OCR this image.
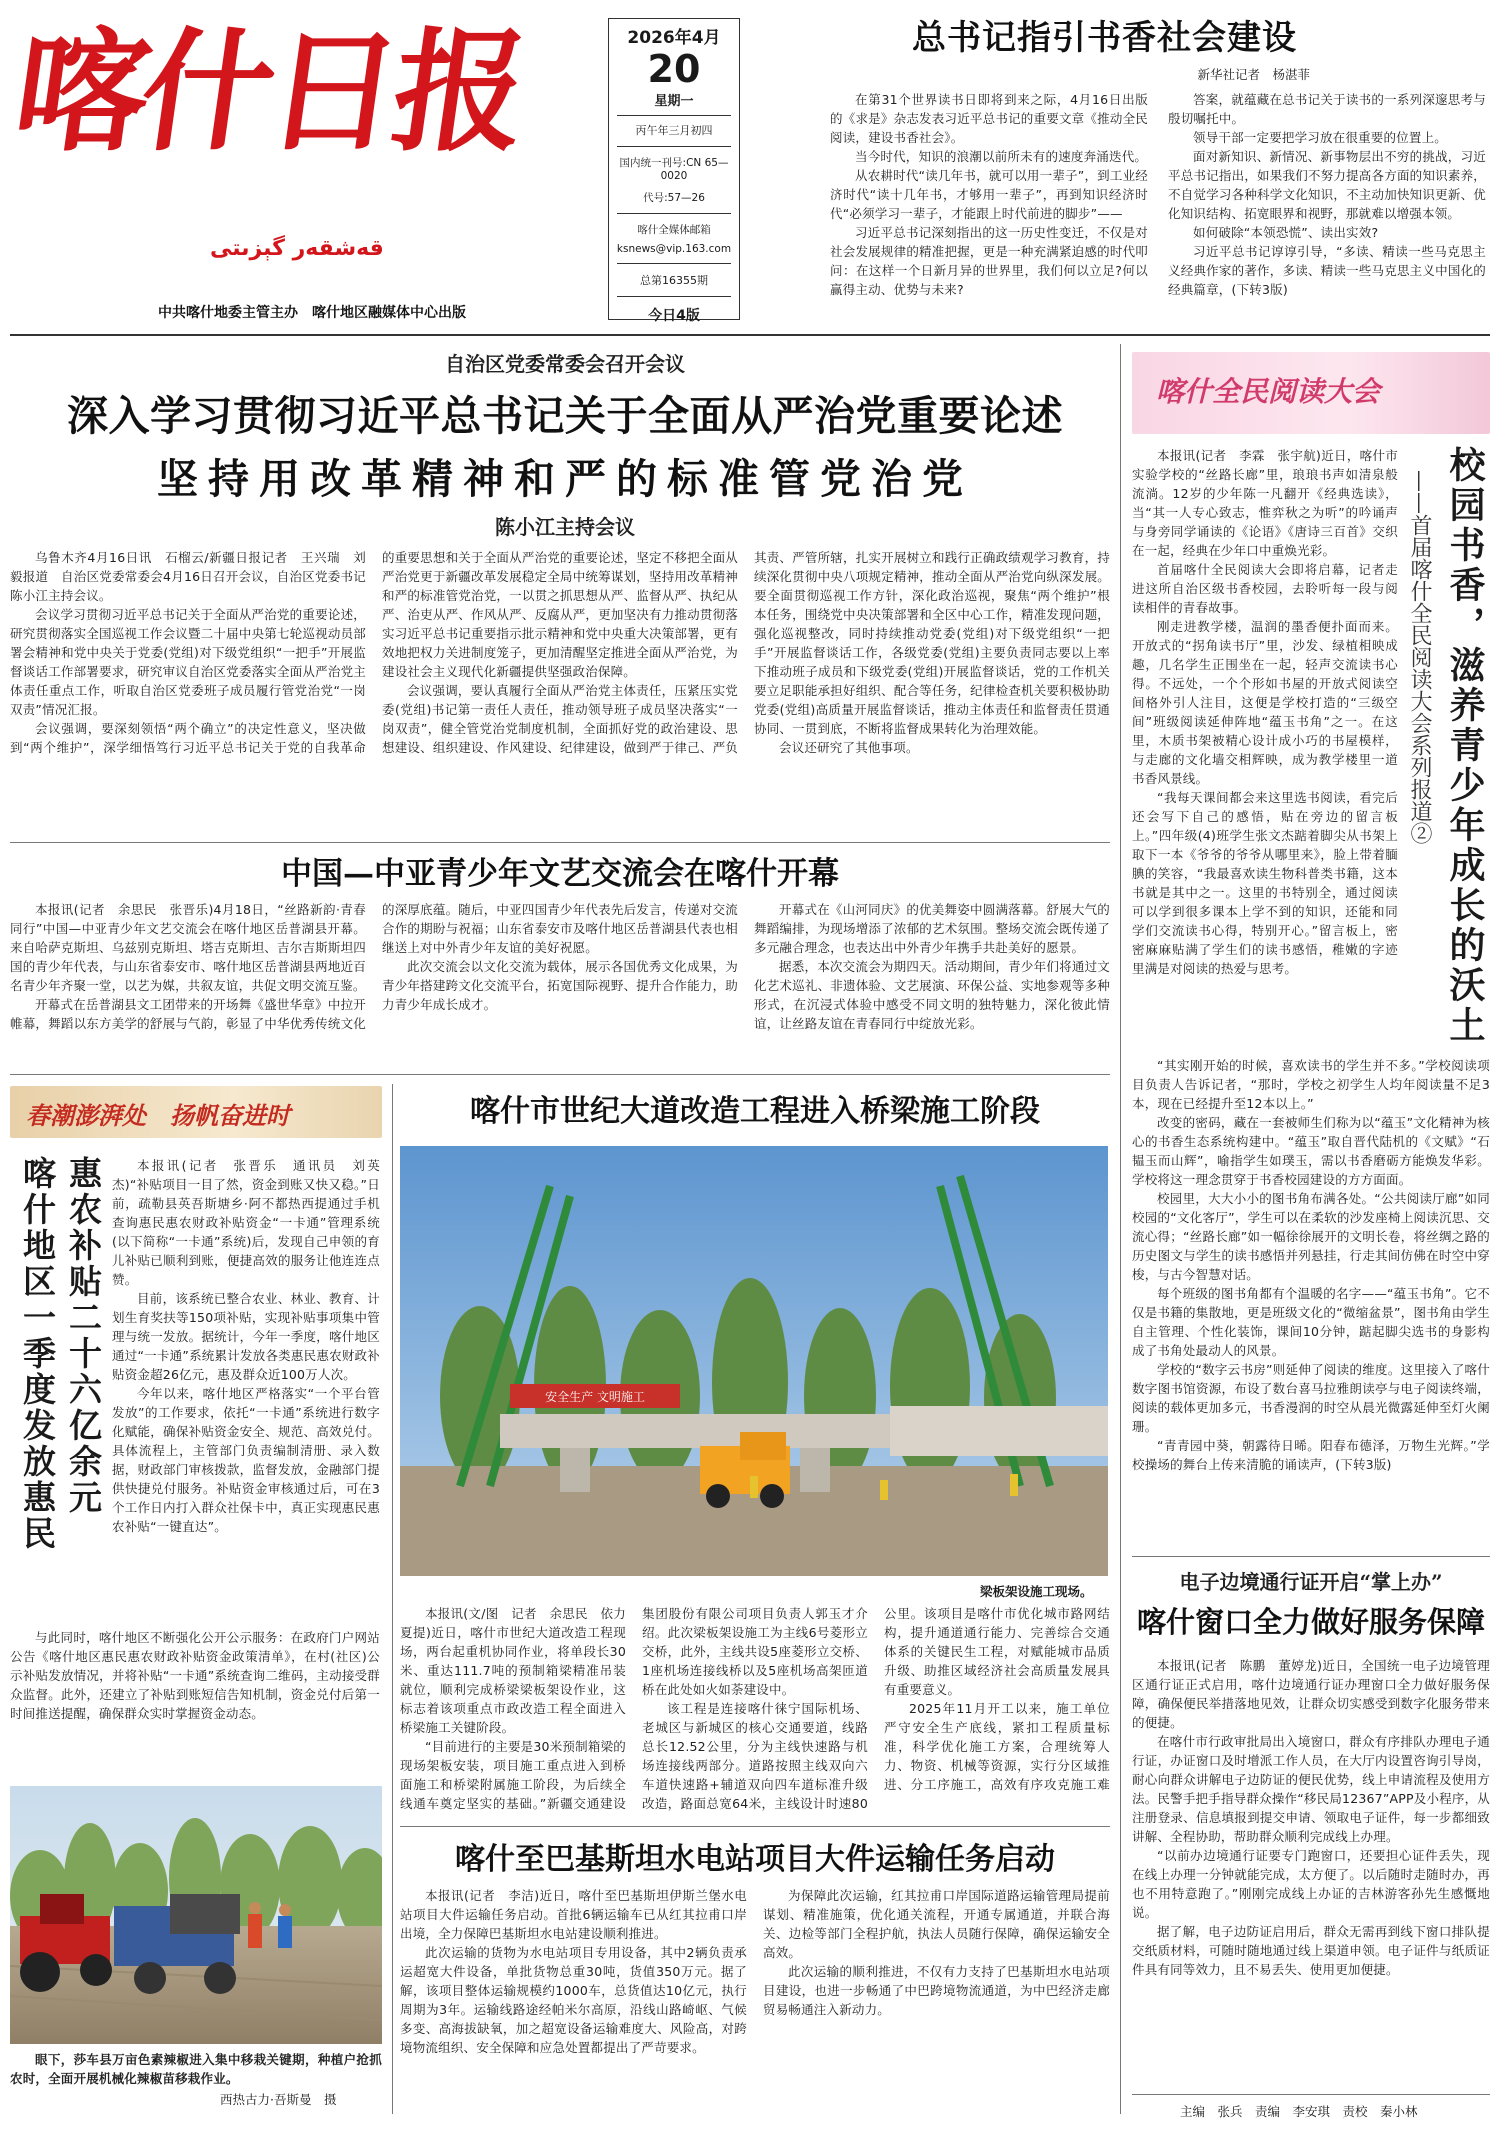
喀什日报
قەشقەر گېزىتى
中共喀什地委主管主办　喀什地区融媒体中心出版
2026年4月
20
星期一
丙午年三月初四
国内统一刊号:CN 65—0020
代号:57—26
喀什全媒体邮箱
ksnews@vip.163.com
总第16355期
今日4版
总书记指引书香社会建设
新华社记者　杨湛菲

在第31个世界读书日即将到来之际，4月16日出版的《求是》杂志发表习近平总书记的重要文章《推动全民阅读，建设书香社会》。

当今时代，知识的浪潮以前所未有的速度奔涌迭代。

从农耕时代“读几年书，就可以用一辈子”，到工业经济时代“读十几年书，才够用一辈子”，再到知识经济时代“必须学习一辈子，才能跟上时代前进的脚步”——

习近平总书记深刻指出的这一历史性变迁，不仅是对社会发展规律的精准把握，更是一种充满紧迫感的时代叩问：在这样一个日新月异的世界里，我们何以立足?何以赢得主动、优势与未来?

答案，就蕴藏在总书记关于读书的一系列深邃思考与殷切嘱托中。

领导干部一定要把学习放在很重要的位置上。

面对新知识、新情况、新事物层出不穷的挑战，习近平总书记指出，如果我们不努力提高各方面的知识素养，不自觉学习各种科学文化知识，不主动加快知识更新、优化知识结构、拓宽眼界和视野，那就难以增强本领。

如何破除“本领恐慌”、读出实效?

习近平总书记谆谆引导，“多读、精读一些马克思主义经典作家的著作，多读、精读一些马克思主义中国化的经典篇章，(下转3版)

自治区党委常委会召开会议
深入学习贯彻习近平总书记关于全面从严治党重要论述
坚持用改革精神和严的标准管党治党
陈小江主持会议

乌鲁木齐4月16日讯　石榴云/新疆日报记者　王兴瑞　刘毅报道　自治区党委常委会4月16日召开会议，自治区党委书记陈小江主持会议。

会议学习贯彻习近平总书记关于全面从严治党的重要论述，研究贯彻落实全国巡视工作会议暨二十届中央第七轮巡视动员部署会精神和党中央关于党委(党组)对下级党组织“一把手”开展监督谈话工作部署要求，研究审议自治区党委落实全面从严治党主体责任重点工作，听取自治区党委班子成员履行管党治党“一岗双责”情况汇报。

会议强调，要深刻领悟“两个确立”的决定性意义，坚决做到“两个维护”，深学细悟笃行习近平总书记关于党的自我革命的重要思想和关于全面从严治党的重要论述，坚定不移把全面从严治党更于新疆改革发展稳定全局中统筹谋划，坚持用改革精神和严的标准管党治党，一以贯之抓思想从严、监督从严、执纪从严、治吏从严、作风从严、反腐从严，更加坚决有力推动贯彻落实习近平总书记重要指示批示精神和党中央重大决策部署，更有效地把权力关进制度笼子，更加清醒坚定推进全面从严治党，为建设社会主义现代化新疆提供坚强政治保障。

会议强调，要认真履行全面从严治党主体责任，压紧压实党委(党组)书记第一责任人责任，推动领导班子成员坚决落实“一岗双责”，健全管党治党制度机制，全面抓好党的政治建设、思想建设、组织建设、作风建设、纪律建设，做到严于律己、严负其责、严管所辖，扎实开展树立和践行正确政绩观学习教育，持续深化贯彻中央八项规定精神，推动全面从严治党向纵深发展。要全面贯彻巡视工作方针，深化政治巡视，聚焦“两个维护”根本任务，围绕党中央决策部署和全区中心工作，精准发现问题，强化巡视整改，同时持续推动党委(党组)对下级党组织“一把手”开展监督谈话工作，各级党委(党组)主要负责同志要以上率下推动班子成员和下级党委(党组)开展监督谈话，党的工作机关要立足职能承担好组织、配合等任务，纪律检查机关要积极协助党委(党组)高质量开展监督谈话，推动主体责任和监督责任贯通协同、一贯到底，不断将监督成果转化为治理效能。

会议还研究了其他事项。

中国—中亚青少年文艺交流会在喀什开幕

本报讯(记者　余思民　张晋乐)4月18日，“丝路新韵·青春同行”中国—中亚青少年文艺交流会在喀什地区岳普湖县开幕。来自哈萨克斯坦、乌兹别克斯坦、塔吉克斯坦、吉尔吉斯斯坦四国的青少年代表，与山东省泰安市、喀什地区岳普湖县两地近百名青少年齐聚一堂，以艺为媒，共叙友谊，共促文明交流互鉴。

开幕式在岳普湖县文工团带来的开场舞《盛世华章》中拉开帷幕，舞蹈以东方美学的舒展与气韵，彰显了中华优秀传统文化的深厚底蕴。随后，中亚四国青少年代表先后发言，传递对交流合作的期盼与祝福；山东省泰安市及喀什地区岳普湖县代表也相继送上对中外青少年友谊的美好祝愿。

此次交流会以文化交流为载体，展示各国优秀文化成果，为青少年搭建跨文化交流平台，拓宽国际视野、提升合作能力，助力青少年成长成才。

开幕式在《山河同庆》的优美舞姿中圆满落幕。舒展大气的舞蹈编排，为现场增添了浓郁的艺术氛围。整场交流会既传递了多元融合理念，也表达出中外青少年携手共赴美好的愿景。

据悉，本次交流会为期四天。活动期间，青少年们将通过文化艺术巡礼、非遗体验、文艺展演、环保公益、实地参观等多种形式，在沉浸式体验中感受不同文明的独特魅力，深化彼此情谊，让丝路友谊在青春同行中绽放光彩。

春潮澎湃处　扬帆奋进时
惠农补贴二十六亿余元
喀什地区一季度发放惠民	本报讯(记者　张晋乐　通讯员　刘英杰)“补贴项目一目了然，资金到账又快又稳。”日前，疏勒县英吾斯塘乡·阿不都热西提通过手机查询惠民惠农财政补贴资金“一卡通”管理系统(以下简称“一卡通”系统)后，发现自己申领的育儿补贴已顺利到账，便捷高效的服务让他连连点赞。

目前，该系统已整合农业、林业、教育、计划生育奖扶等150项补贴，实现补贴事项集中管理与统一发放。据统计，今年一季度，喀什地区通过“一卡通”系统累计发放各类惠民惠农财政补贴资金超26亿元，惠及群众近100万人次。

今年以来，喀什地区严格落实“一个平台管发放”的工作要求，依托“一卡通”系统进行数字化赋能，确保补贴资金安全、规范、高效兑付。具体流程上，主管部门负责编制清册、录入数据，财政部门审核拨款，监督发放，金融部门提供快捷兑付服务。补贴资金审核通过后，可在3个工作日内打入群众社保卡中，真正实现惠民惠农补贴“一键直达”。

与此同时，喀什地区不断强化公开公示服务：在政府门户网站公告《喀什地区惠民惠农财政补贴资金政策清单》，在村(社区)公示补贴发放情况，并将补贴“一卡通”系统查询二维码，主动接受群众监督。此外，还建立了补贴到账短信告知机制，资金兑付后第一时间推送提醒，确保群众实时掌握资金动态。

眼下，莎车县万亩色素辣椒进入集中移栽关键期，种植户抢抓农时，全面开展机械化辣椒苗移栽作业。
西热古力·吾斯曼　摄
喀什市世纪大道改造工程进入桥梁施工阶段
安全生产 文明施工
梁板架设施工现场。

本报讯(文/图　记者　余思民　依力夏提)近日，喀什市世纪大道改造工程现场，两台起重机协同作业，将单段长30米、重达111.7吨的预制箱梁精准吊装就位，顺利完成桥梁梁板架设作业，这标志着该项重点市政改造工程全面进入桥梁施工关键阶段。

“目前进行的主要是30米预制箱梁的现场架板安装，项目施工重点进入到桥面施工和桥梁附属施工阶段，为后续全线通车奠定坚实的基础。”新疆交通建设集团股份有限公司项目负责人郭玉才介绍。此次梁板架设施工为主线6号菱形立交桥，此外，主线共设5座菱形立交桥、1座机场连接线桥以及5座机场高架匝道桥在此处如火如荼建设中。

该工程是连接喀什徕宁国际机场、老城区与新城区的核心交通要道，线路总长12.52公里，分为主线快速路与机场连接线两部分。道路按照主线双向六车道快速路+辅道双向四车道标准升级改造，路面总宽64米，主线设计时速80公里。该项目是喀什市优化城市路网结构，提升通道通行能力、完善综合交通体系的关键民生工程，对赋能城市品质升级、助推区域经济社会高质量发展具有重要意义。

2025年11月开工以来，施工单位严守安全生产底线，紧扣工程质量标准，科学优化施工方案，合理统筹人力、物资、机械等资源，实行分区域推进、分工序施工，高效有序攻克施工难

喀什至巴基斯坦水电站项目大件运输任务启动

本报讯(记者　李洁)近日，喀什至巴基斯坦伊斯兰堡水电站项目大件运输任务启动。首批6辆运输车已从红其拉甫口岸出境，全力保障巴基斯坦水电站建设顺利推进。

此次运输的货物为水电站项目专用设备，其中2辆负责承运超宽大件设备，单批货物总重30吨，货值350万元。据了解，该项目整体运输规模约1000车，总货值达10亿元，执行周期为3年。运输线路途经帕米尔高原，沿线山路崎岖、气候多变、高海拔缺氧，加之超宽设备运输难度大、风险高，对跨境物流组织、安全保障和应急处置都提出了严苛要求。

为保障此次运输，红其拉甫口岸国际道路运输管理局提前谋划、精准施策，优化通关流程，开通专属通道，并联合海关、边检等部门全程护航，执法人员随行保障，确保运输安全高效。

此次运输的顺利推进，不仅有力支持了巴基斯坦水电站项目建设，也进一步畅通了中巴跨境物流通道，为中巴经济走廊贸易畅通注入新动力。

喀什全民阅读大会

本报讯(记者　李霖　张宇航)近日，喀什市实验学校的“丝路长廊”里，琅琅书声如清泉般流淌。12岁的少年陈一凡翻开《经典选读》，当“其一人专心致志，惟弈秋之为听”的吟诵声与身旁同学诵读的《论语》《唐诗三百首》交织在一起，经典在少年口中重焕光彩。

首届喀什全民阅读大会即将启幕，记者走进这所自治区级书香校园，去聆听每一段与阅读相伴的青春故事。

刚走进教学楼，温润的墨香便扑面而来。开放式的“拐角读书厅”里，沙发、绿植相映成趣，几名学生正围坐在一起，轻声交流读书心得。不远处，一个个形如书屋的开放式阅读空间格外引人注目，这便是学校打造的“三级空间”班级阅读延伸阵地“蕴玉书角”之一。在这里，木质书架被精心设计成小巧的书屋模样，与走廊的文化墙交相辉映，成为教学楼里一道书香风景线。

“我每天课间都会来这里选书阅读，看完后还会写下自己的感悟，贴在旁边的留言板上。”四年级(4)班学生张文杰踮着脚尖从书架上取下一本《爷爷的爷爷从哪里来》，脸上带着腼腆的笑容，“我最喜欢读生物科普类书籍，这本书就是其中之一。这里的书特别全，通过阅读可以学到很多课本上学不到的知识，还能和同学们交流读书心得，特别开心。”留言板上，密密麻麻贴满了学生们的读书感悟，稚嫩的字迹里满是对阅读的热爱与思考。	校园书香，滋养青少年成长的沃土
——首届喀什全民阅读大会系列报道②

“其实刚开始的时候，喜欢读书的学生并不多。”学校阅读项目负责人告诉记者，“那时，学校之初学生人均年阅读量不足3本，现在已经提升至12本以上。”

改变的密码，藏在一套被师生们称为以“蕴玉”文化精神为核心的书香生态系统构建中。“蕴玉”取自晋代陆机的《文赋》“石韫玉而山辉”，喻指学生如璞玉，需以书香磨砺方能焕发华彩。学校将这一理念贯穿于书香校园建设的方方面面。

校园里，大大小小的图书角布满各处。“公共阅读厅廊”如同校园的“文化客厅”，学生可以在柔软的沙发座椅上阅读沉思、交流心得；“丝路长廊”如一幅徐徐展开的文明长卷，将丝绸之路的历史图文与学生的读书感悟并列悬挂，行走其间仿佛在时空中穿梭，与古今智慧对话。

每个班级的图书角都有个温暖的名字——“蕴玉书角”。它不仅是书籍的集散地，更是班级文化的“微缩盆景”，图书角由学生自主管理、个性化装饰，课间10分钟，踮起脚尖选书的身影构成了书角处最动人的风景。

学校的“数字云书房”则延伸了阅读的维度。这里接入了喀什数字图书馆资源，布设了数台喜马拉雅朗读亭与电子阅读终端，阅读的载体更加多元，书香漫润的时空从晨光微露延伸至灯火阑珊。

“青青园中葵，朝露待日晞。阳春布德泽，万物生光辉。”学校操场的舞台上传来清脆的诵读声，(下转3版)

电子边境通行证开启“掌上办”
喀什窗口全力做好服务保障

本报讯(记者　陈鹏　董婷龙)近日，全国统一电子边境管理区通行证正式启用，喀什边境通行证办理窗口全力做好服务保障，确保便民举措落地见效，让群众切实感受到数字化服务带来的便捷。

在喀什市行政审批局出入境窗口，群众有序排队办理电子通行证，办证窗口及时增派工作人员，在大厅内设置咨询引导岗，耐心向群众讲解电子边防证的便民优势，线上申请流程及使用方法。民警手把手指导群众操作“移民局12367”APP及小程序，从注册登录、信息填报到提交申请、领取电子证件，每一步都细致讲解、全程协助，帮助群众顺利完成线上办理。

“以前办边境通行证要专门跑窗口，还要担心证件丢失，现在线上办理一分钟就能完成，太方便了。以后随时走随时办，再也不用特意跑了。”刚刚完成线上办证的吉林游客孙先生感慨地说。

据了解，电子边防证启用后，群众无需再到线下窗口排队提交纸质材料，可随时随地通过线上渠道申领。电子证件与纸质证件具有同等效力，且不易丢失、使用更加便捷。

主编　张兵　责编　李安琪　责校　秦小林
